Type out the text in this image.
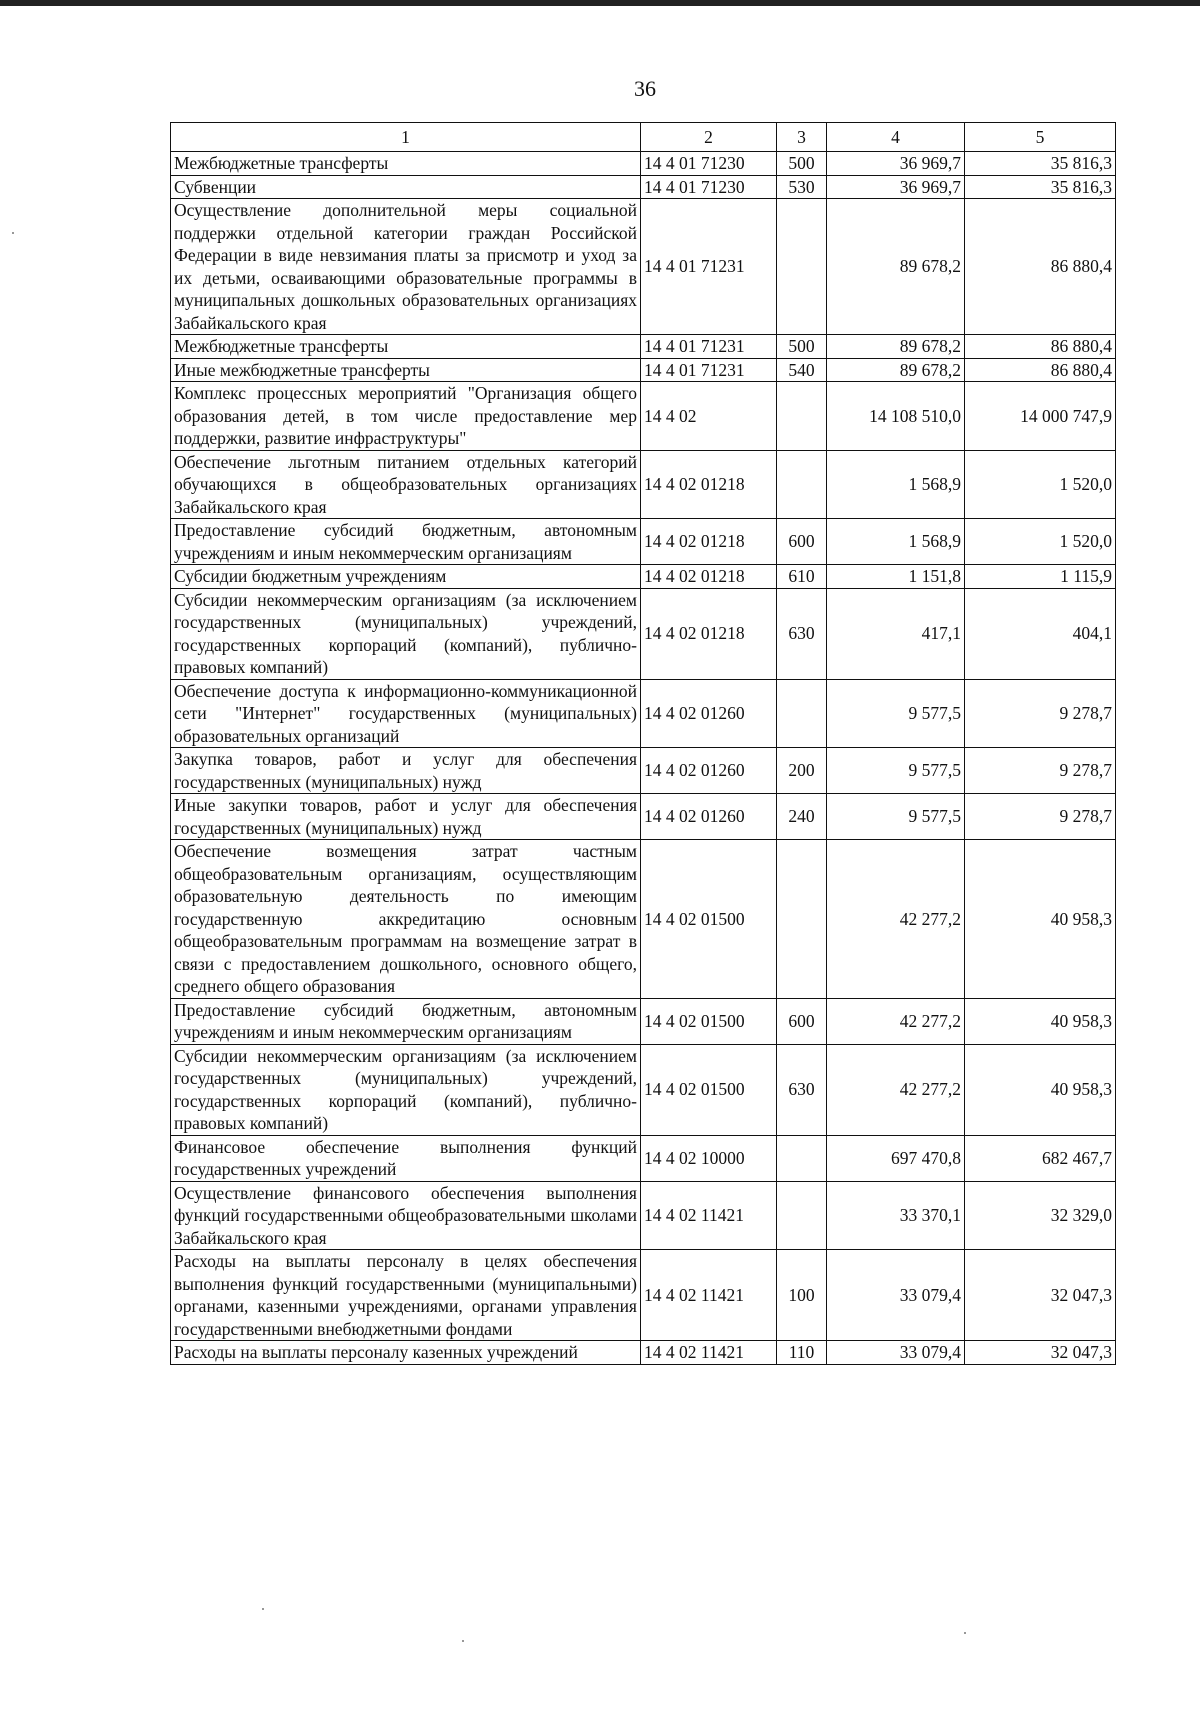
36
1	2	3	4	5
Межбюджетные трансферты	14 4 01 71230	500	36 969,7	35 816,3
Субвенции	14 4 01 71230	530	36 969,7	35 816,3
Осуществление дополнительной меры социальной поддержки отдельной категории граждан Российской Федерации в виде невзимания платы за присмотр и уход за их детьми, осваивающими образовательные программы в муниципальных дошкольных образовательных организациях Забайкальского края	14 4 01 71231		89 678,2	86 880,4
Межбюджетные трансферты	14 4 01 71231	500	89 678,2	86 880,4
Иные межбюджетные трансферты	14 4 01 71231	540	89 678,2	86 880,4
Комплекс процессных мероприятий "Организация общего образования детей, в том числе предоставление мер поддержки, развитие инфраструктуры"	14 4 02		14 108 510,0	14 000 747,9
Обеспечение льготным питанием отдельных категорий обучающихся в общеобразовательных организациях Забайкальского края	14 4 02 01218		1 568,9	1 520,0
Предоставление субсидий бюджетным, автономным учреждениям и иным некоммерческим организациям	14 4 02 01218	600	1 568,9	1 520,0
Субсидии бюджетным учреждениям	14 4 02 01218	610	1 151,8	1 115,9
Субсидии некоммерческим организациям (за исключением государственных (муниципальных) учреждений, государственных корпораций (компаний), публично-правовых компаний)	14 4 02 01218	630	417,1	404,1
Обеспечение доступа к информационно-коммуникационной сети "Интернет" государственных (муниципальных) образовательных организаций	14 4 02 01260		9 577,5	9 278,7
Закупка товаров, работ и услуг для обеспечения государственных (муниципальных) нужд	14 4 02 01260	200	9 577,5	9 278,7
Иные закупки товаров, работ и услуг для обеспечения государственных (муниципальных) нужд	14 4 02 01260	240	9 577,5	9 278,7
Обеспечение возмещения затрат частным общеобразовательным организациям, осуществляющим образовательную деятельность по имеющим государственную аккредитацию основным общеобразовательным программам на возмещение затрат в связи с предоставлением дошкольного, основного общего, среднего общего образования	14 4 02 01500		42 277,2	40 958,3
Предоставление субсидий бюджетным, автономным учреждениям и иным некоммерческим организациям	14 4 02 01500	600	42 277,2	40 958,3
Субсидии некоммерческим организациям (за исключением государственных (муниципальных) учреждений, государственных корпораций (компаний), публично-правовых компаний)	14 4 02 01500	630	42 277,2	40 958,3
Финансовое обеспечение выполнения функций государственных учреждений	14 4 02 10000		697 470,8	682 467,7
Осуществление финансового обеспечения выполнения функций государственными общеобразовательными школами Забайкальского края	14 4 02 11421		33 370,1	32 329,0
Расходы на выплаты персоналу в целях обеспечения выполнения функций государственными (муниципальными) органами, казенными учреждениями, органами управления государственными внебюджетными фондами	14 4 02 11421	100	33 079,4	32 047,3
Расходы на выплаты персоналу казенных учреждений	14 4 02 11421	110	33 079,4	32 047,3
